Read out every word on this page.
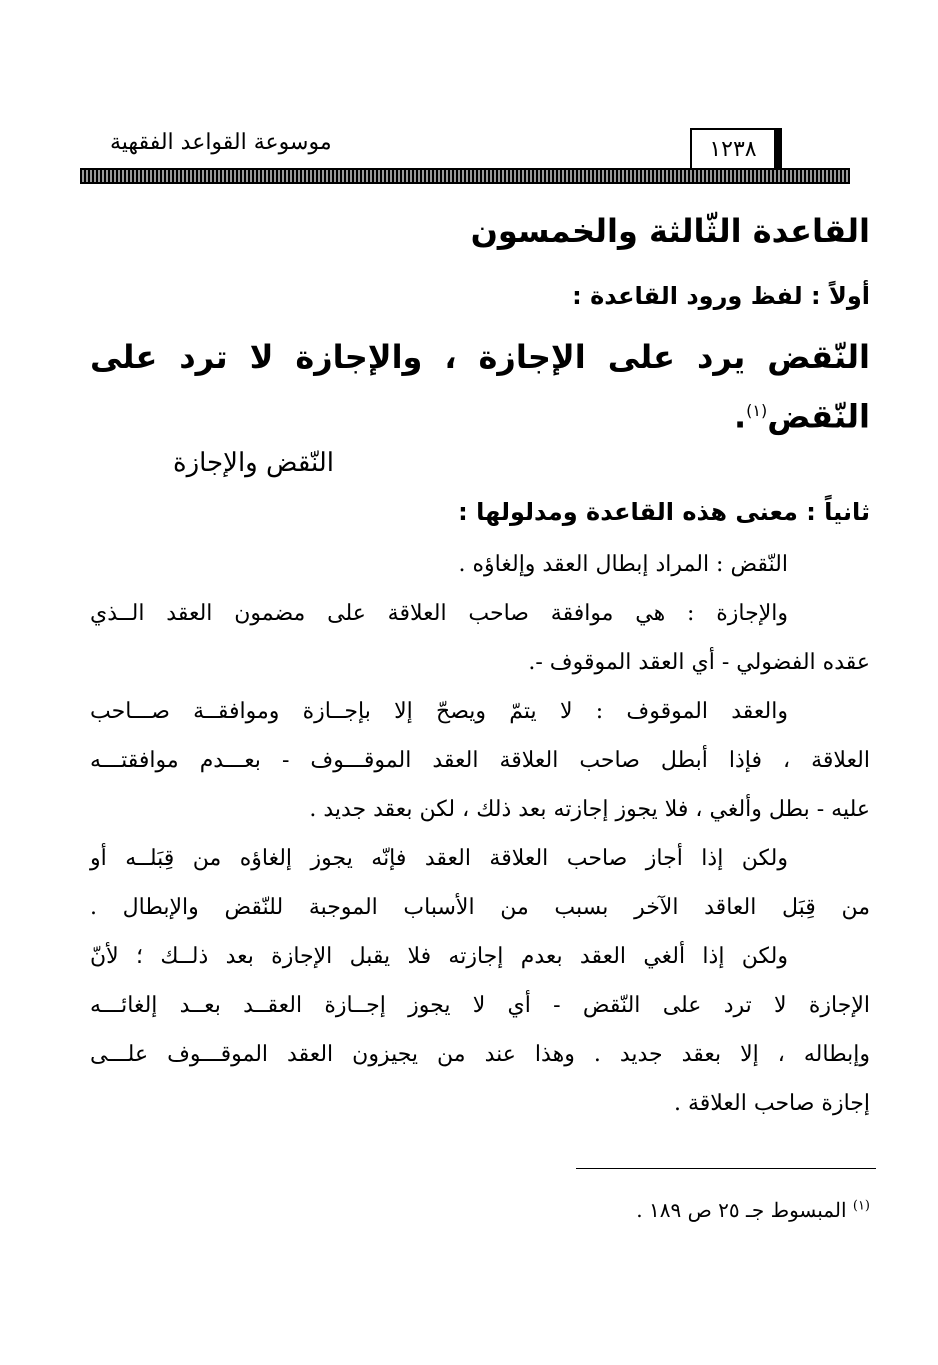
موسوعة القواعد الفقهية	١٢٣٨
القاعدة الثّالثة والخمسون
أولاً : لفظ ورود القاعدة :
النّقض يرد على الإجازة ، والإجازة لا ترد على
النّقض$^{(١)}$.
النّقض والإجازة
ثانياً : معنى هذه القاعدة ومدلولها :

النّقض : المراد إبطال العقد وإلغاؤه .

والإجازة : هي موافقة صاحب العلاقة على مضمون العقد الــذي

عقده الفضولي - أي العقد الموقوف -.

والعقد الموقوف : لا يتمّ ويصحّ إلا بإجــازة وموافقــة صـــاحب

العلاقة ، فإذا أبطل صاحب العلاقة العقد الموقـــوف - بعـــدم موافقتـــه

عليه - بطل وألغي ، فلا يجوز إجازته بعد ذلك ، لكن بعقد جديد .

ولكن إذا أجاز صاحب العلاقة العقد فإنّه يجوز إلغاؤه من قِبَلــه أو

من قِبَل العاقد الآخر بسبب من الأسباب الموجبة للنّقض والإبطال .

ولكن إذا ألغي العقد بعدم إجازته فلا يقبل الإجازة بعد ذلــك ؛ لأنّ

الإجازة لا ترد على النّقض - أي لا يجوز إجــازة العقــد بعــد إلغائـــه

وإبطاله ، إلا بعقد جديد . وهذا عند من يجيزون العقد الموقـــوف علـــى

إجازة صاحب العلاقة .

$^{(١)}$ المبسوط جـ ٢٥ ص ١٨٩ .
